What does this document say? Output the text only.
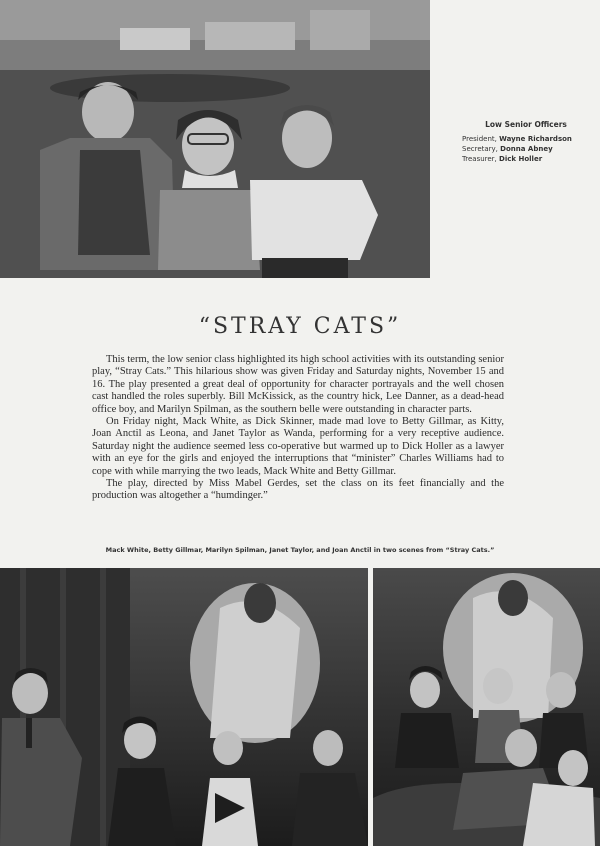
Low Senior Officers
President, Wayne Richardson
Secretary, Donna Abney
Treasurer, Dick Holler
“STRAY CATS”

This term, the low senior class highlighted its high school activities with its outstanding senior play, “Stray Cats.” This hilarious show was given Friday and Saturday nights, November 15 and 16. The play presented a great deal of opportunity for character portrayals and the well chosen cast handled the roles superbly. Bill McKissick, as the country hick, Lee Danner, as a dead-head office boy, and Marilyn Spilman, as the southern belle were outstanding in character parts.

On Friday night, Mack White, as Dick Skinner, made mad love to Betty Gillmar, as Kitty, Joan Anctil as Leona, and Janet Taylor as Wanda, performing for a very receptive audience. Saturday night the audience seemed less co-operative but warmed up to Dick Holler as a lawyer with an eye for the girls and enjoyed the interruptions that “minister” Charles Williams had to cope with while marrying the two leads, Mack White and Betty Gillmar.

The play, directed by Miss Mabel Gerdes, set the class on its feet financially and the production was altogether a “humdinger.”

Mack White, Betty Gillmar, Marilyn Spilman, Janet Taylor, and Joan Anctil in two scenes from “Stray Cats.”
